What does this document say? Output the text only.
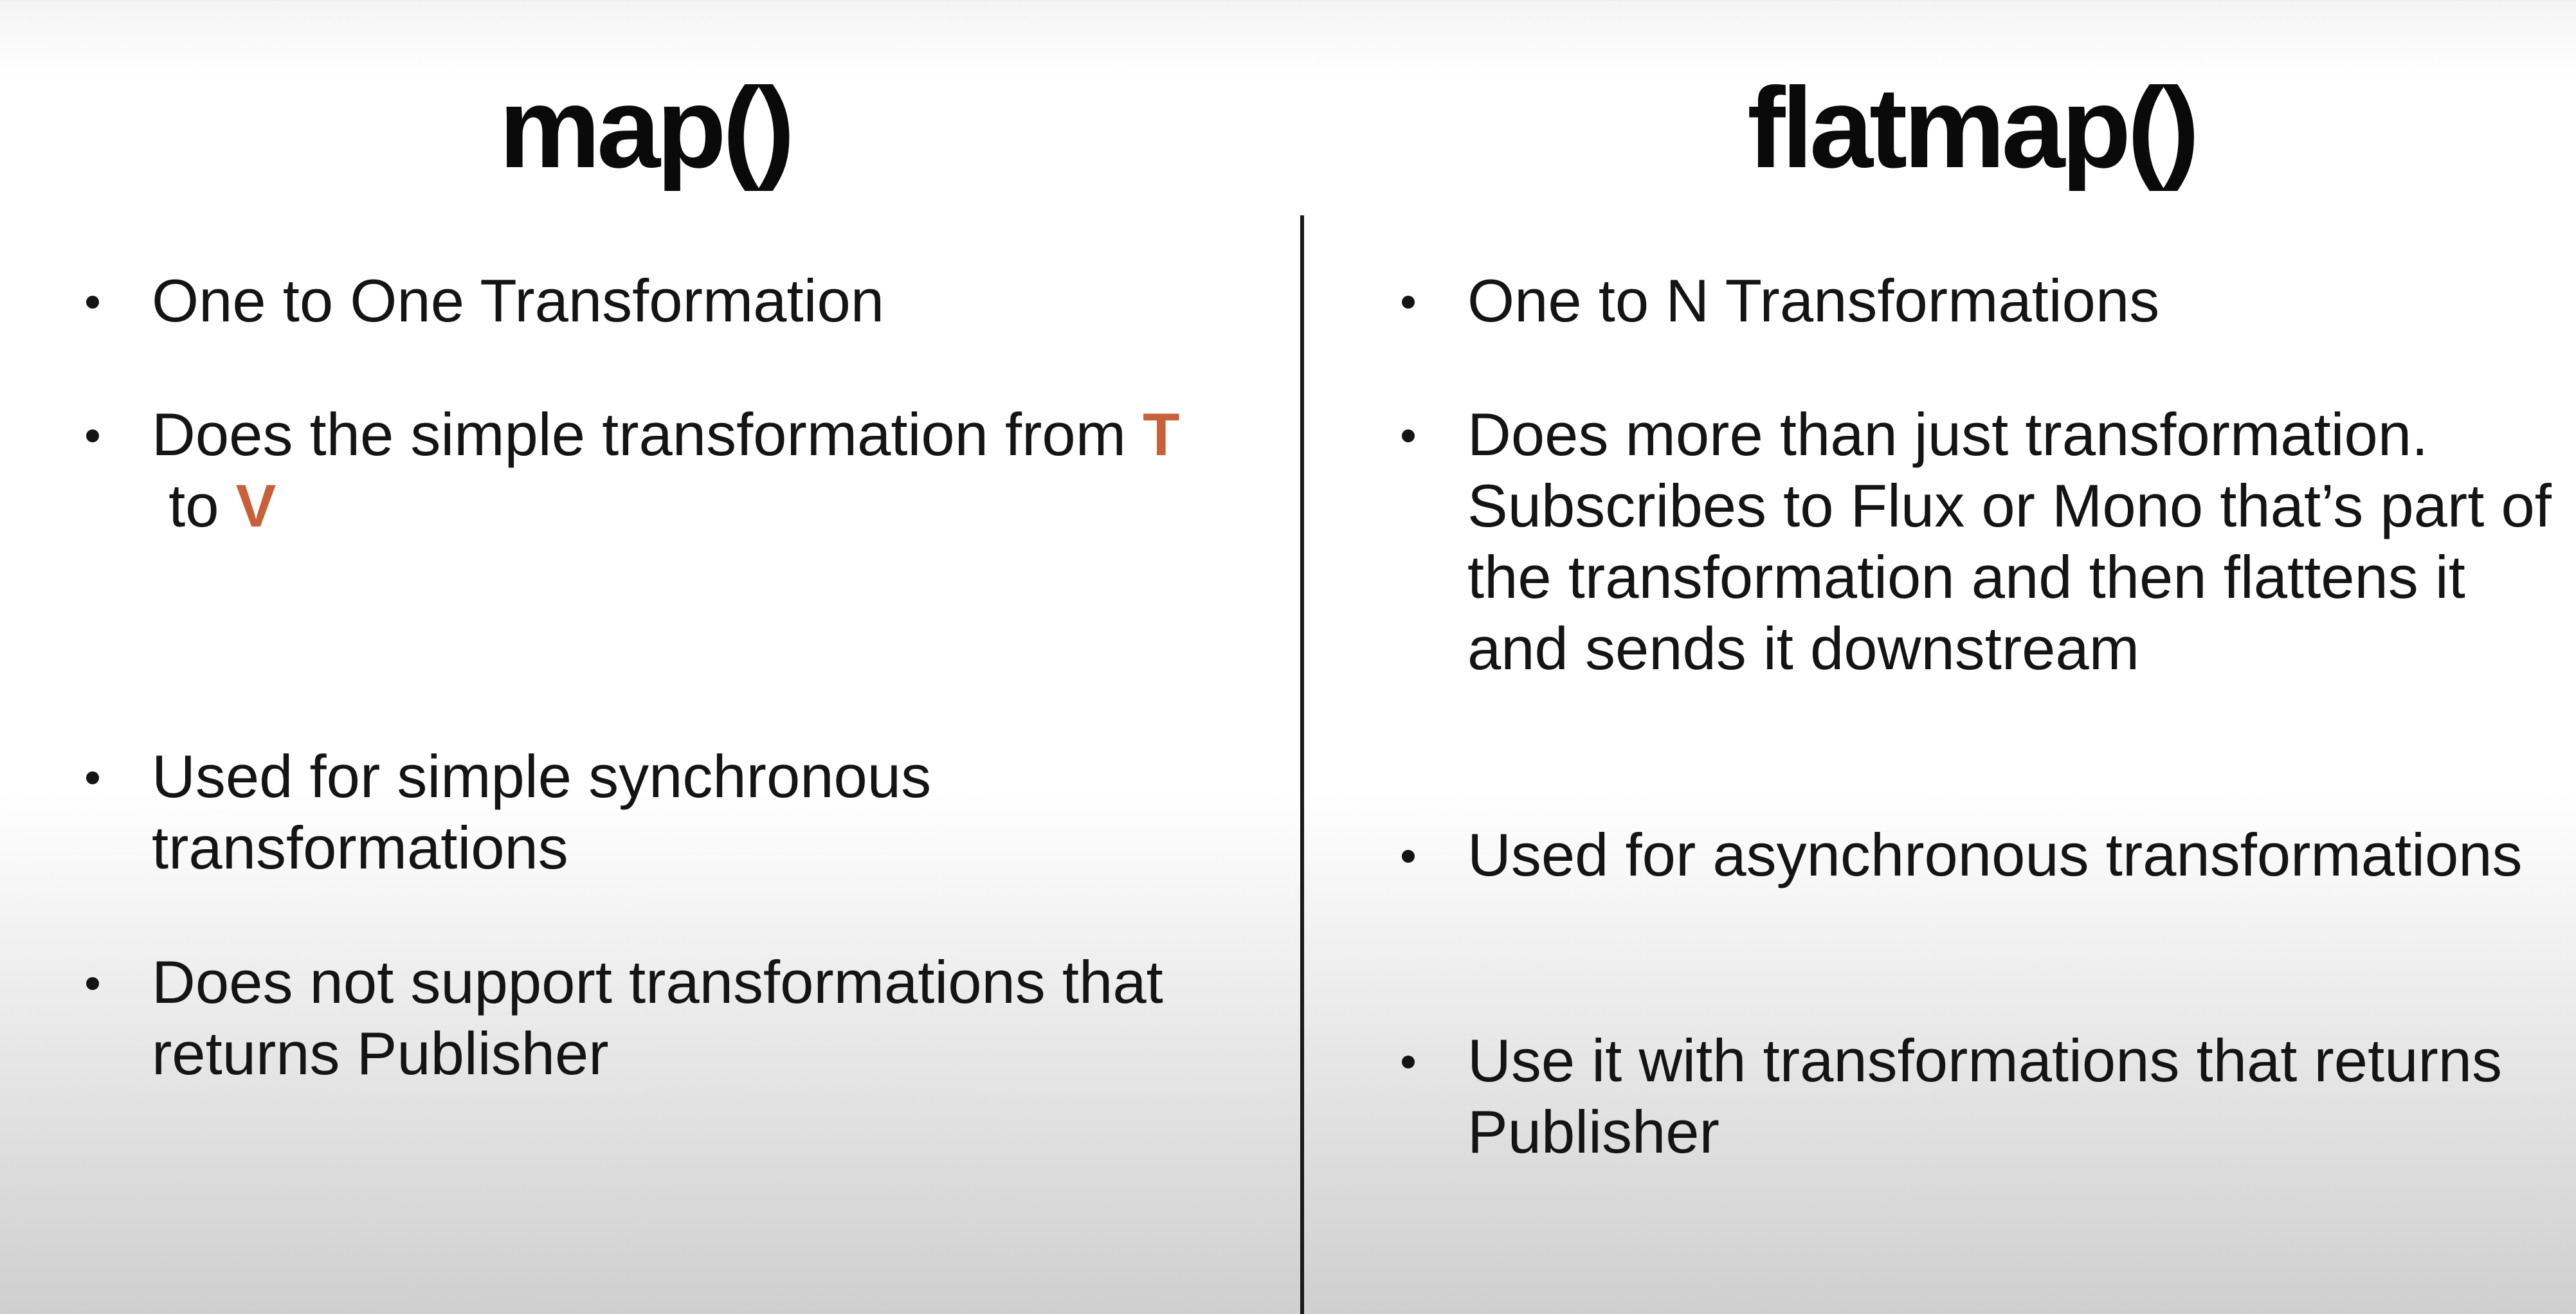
map()	flatmap()
One to One Transformation
Does the simple transformation from T to V
Used for simple synchronous transformations
Does not support transformations that returns Publisher
One to N Transformations
Does more than just transformation. Subscribes to Flux or Mono that’s part of the transformation and then flattens it and sends it downstream
Used for asynchronous transformations
Use it with transformations that returns Publisher
